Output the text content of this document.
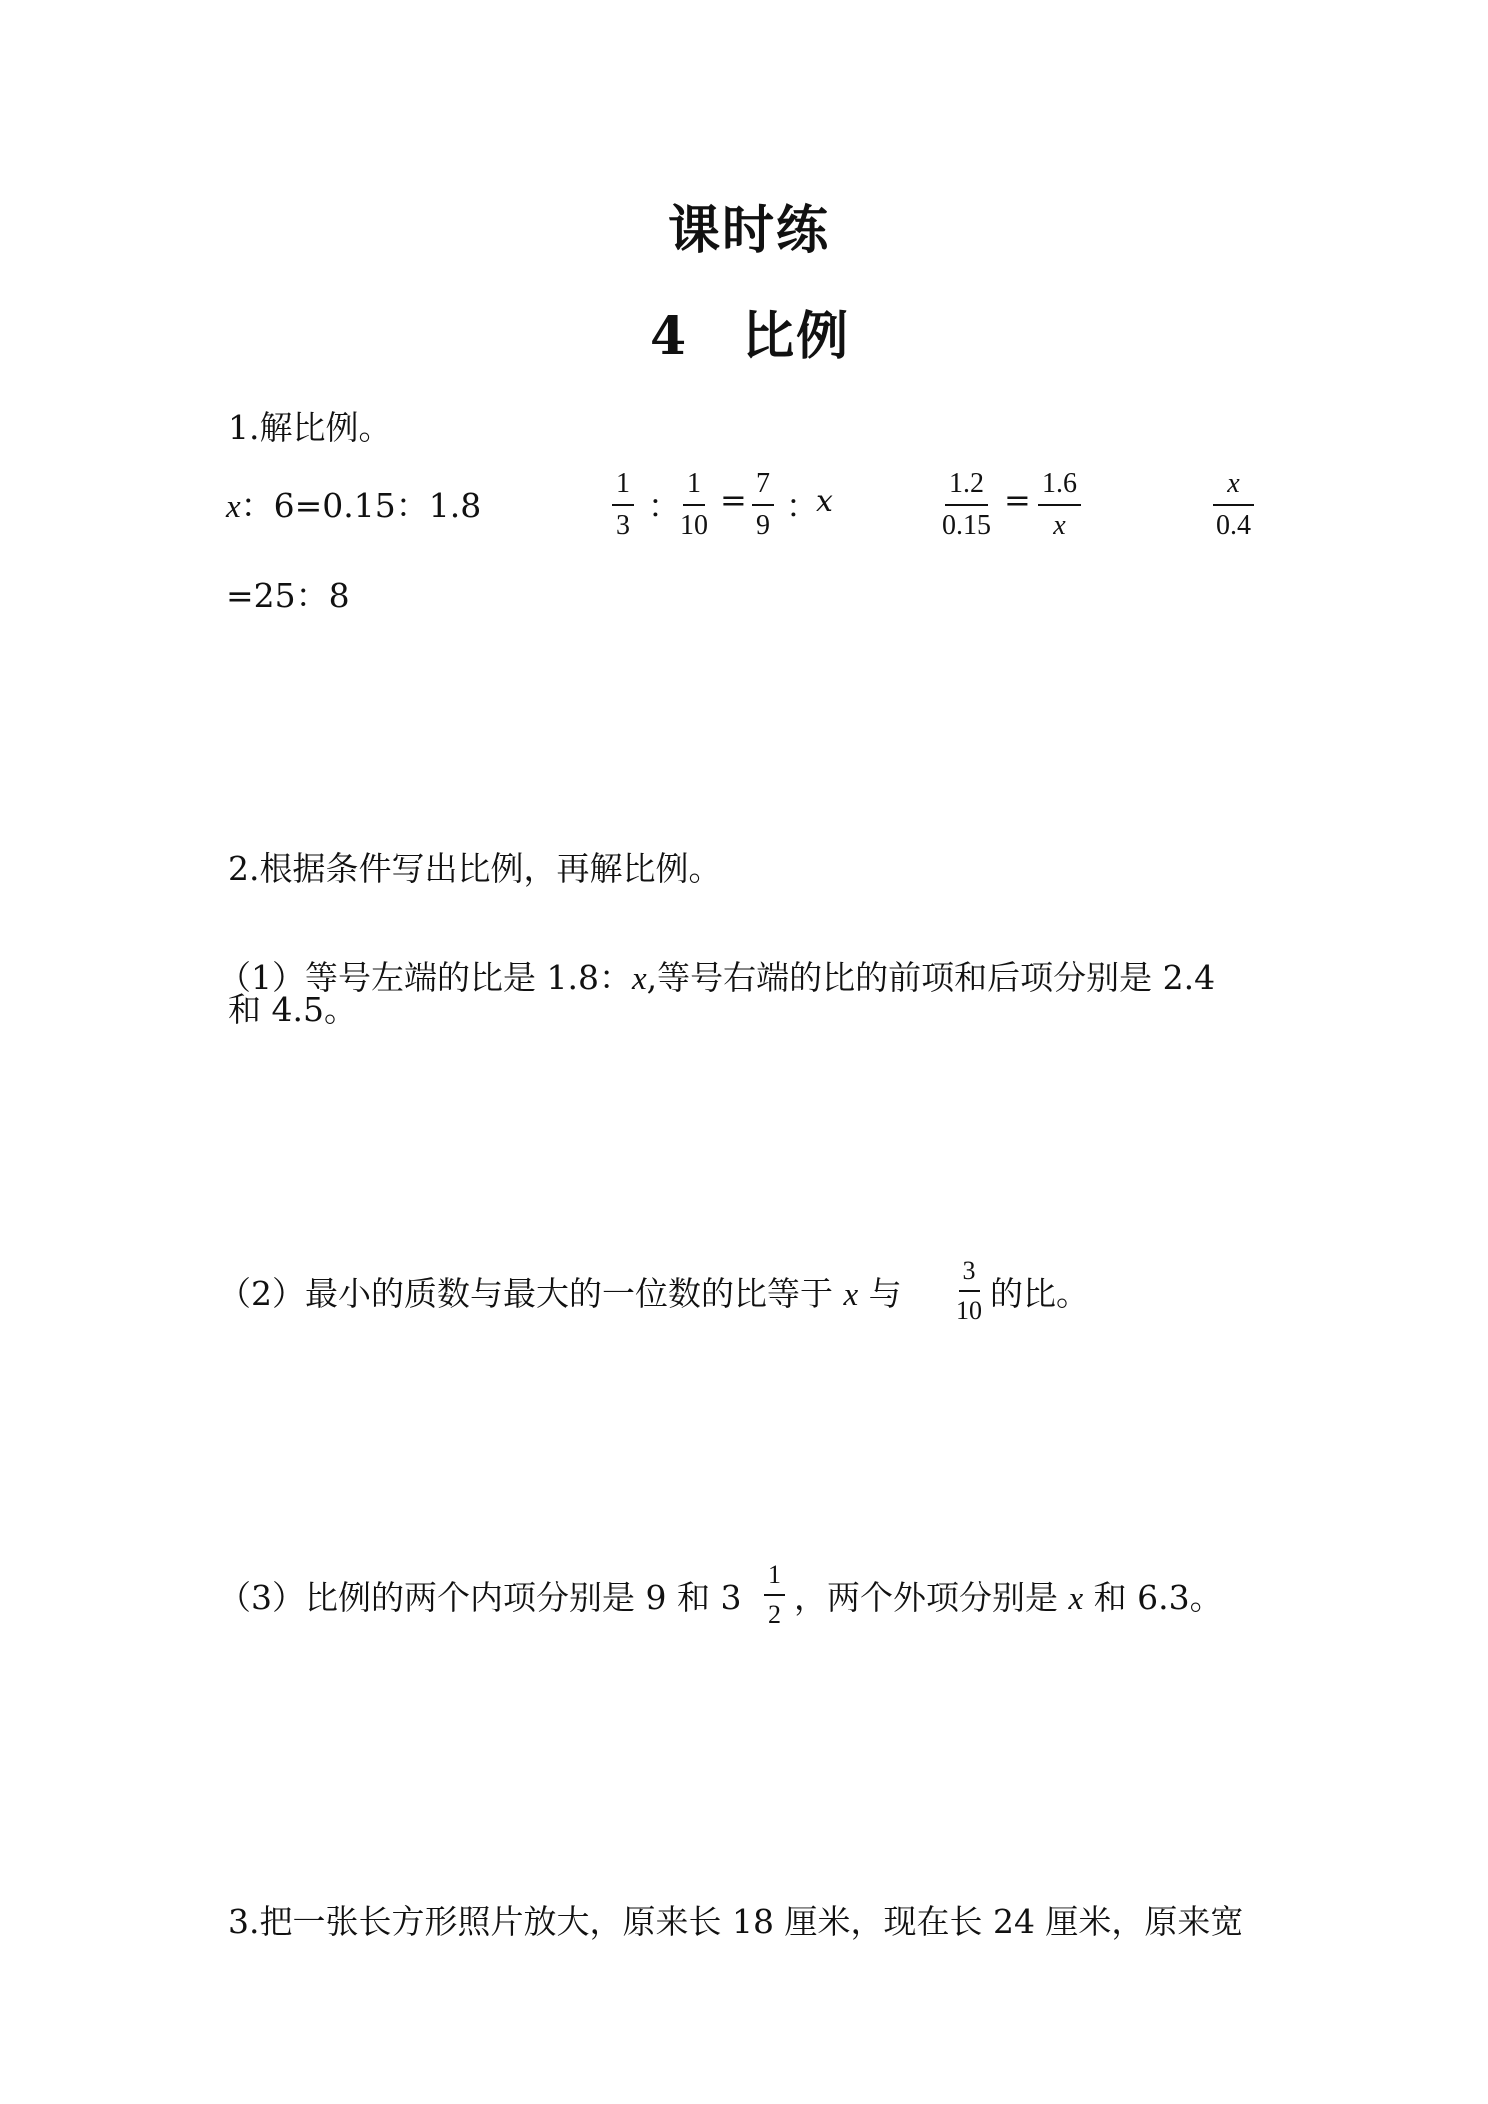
课时练
4　比例
1.解比例。
x：6=0.15：1.8	$\frac{1}{3}$ ：
$\frac{1}{10} = \frac{7}{9}$ ：
x	$\frac{1.2}{0.15} = \frac{1.6}{x}$	$\frac{x}{0.4}$
=25：8
2.根据条件写出比例，再解比例。
（1）等号左端的比是 1.8：x,等号右端的比的前项和后项分别是 2.4
和 4.5。
（2）最小的质数与最大的一位数的比等于 x 与 $\frac{3}{10}$ 的比。
（3）比例的两个内项分别是 9 和 $3 \frac{1}{2}$ ，两个外项分别是 x 和 6.3。
3.把一张长方形照片放大，原来长 18 厘米，现在长 24 厘米，原来宽
